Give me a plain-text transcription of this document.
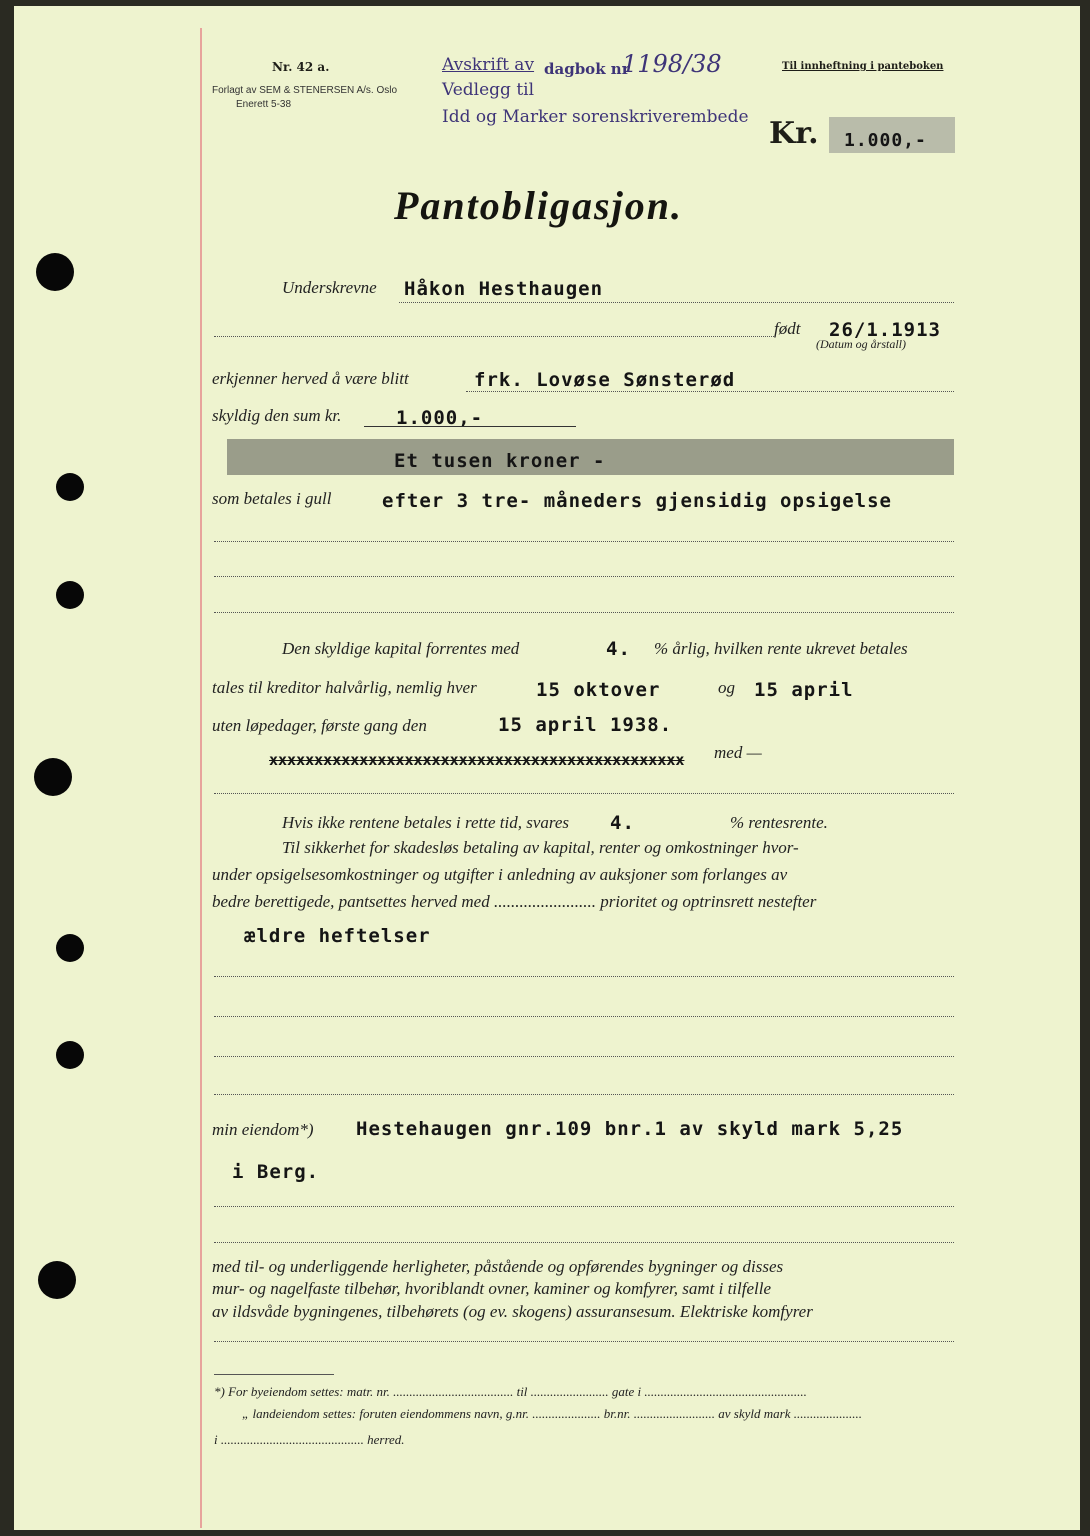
Nr. 42 a.
Forlagt av SEM & STENERSEN A/s. Oslo
Enerett 5-38
Avskrift av dagbok nr
1198/38
Vedlegg til
Idd og Marker sorenskriverembede
Til innheftning i panteboken
Kr. 1.000,-
Pantobligasjon.
Underskrevne Håkon Hesthaugen
født 26/1.1913
(Datum og årstall)
erkjenner herved å være blitt	frk. Lovøse Sønsterød
skyldig den sum kr.	1.000,-
Et tusen kroner -
som betales i gull	efter 3 tre- måneders gjensidig opsigelse
Den skyldige kapital forrentes med	4. % årlig, hvilken rente ukrevet betales
tales til kreditor halvårlig, nemlig hver	15 oktover	og 15 april
uten løpedager, første gang den	15 april 1938.
xxxxxxxxxxxxxxxxxxxxxxxxxxxxxxxxxxxxxxxxxxxxxx med —
Hvis ikke rentene betales i rette tid, svares 4.	% rentesrente.
Til sikkerhet for skadesløs betaling av kapital, renter og omkostninger hvor-
under opsigelsesomkostninger og utgifter i anledning av auksjoner som forlanges av
bedre berettigede, pantsettes herved med ........................ prioritet og optrinsrett nestefter
ældre heftelser
min eiendom*) Hestehaugen gnr.109 bnr.1 av skyld mark 5,25
i Berg.
med til- og underliggende herligheter, påstående og opførendes bygninger og disses
mur- og nagelfaste tilbehør, hvoriblandt ovner, kaminer og komfyrer, samt i tilfelle
av ildsvåde bygningenes, tilbehørets (og ev. skogens) assuransesum. Elektriske komfyrer
*) For byeiendom settes: matr. nr. ..................................... til ........................ gate i ..................................................
„ landeiendom settes: foruten eiendommens navn, g.nr. ..................... br.nr. ......................... av skyld mark .....................
i ............................................ herred.
